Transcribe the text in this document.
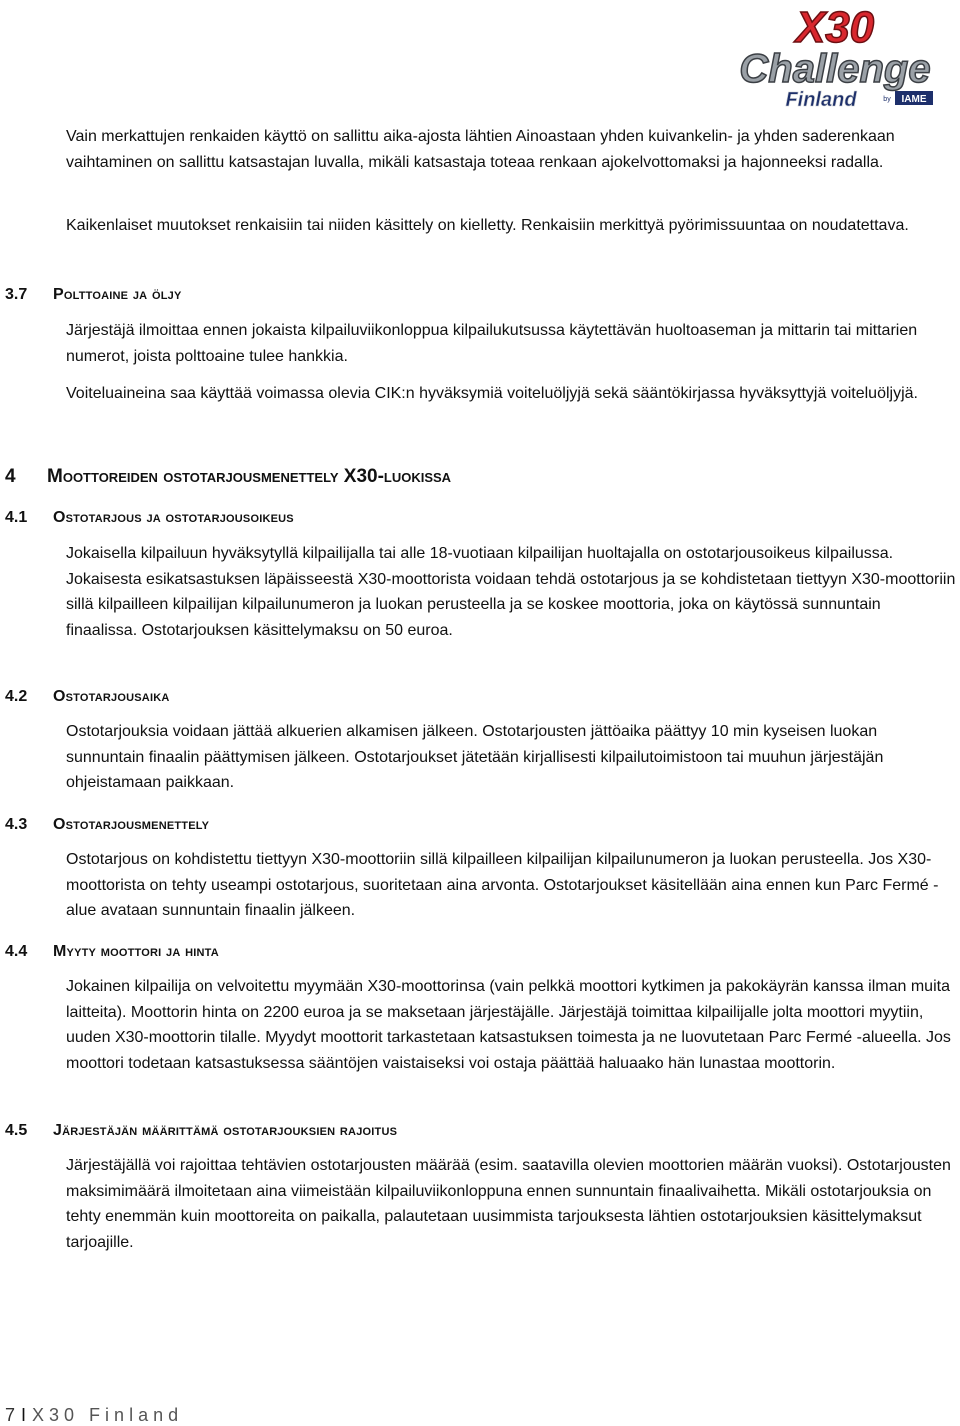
X30
Challenge
Finland	by IAME

Vain merkattujen renkaiden käyttö on sallittu aika-ajosta lähtien Ainoastaan yhden kuivankelin- ja yhden saderenkaan vaihtaminen on sallittu katsastajan luvalla, mikäli katsastaja toteaa renkaan ajokelvottomaksi ja hajonneeksi radalla.

Kaikenlaiset muutokset renkaisiin tai niiden käsittely on kielletty. Renkaisiin merkittyä pyörimissuuntaa on noudatettava.

3.7 Polttoaine ja öljy

Järjestäjä ilmoittaa ennen jokaista kilpailuviikonloppua kilpailukutsussa käytettävän huoltoaseman ja mittarin tai mittarien numerot, joista polttoaine tulee hankkia.

Voiteluaineina saa käyttää voimassa olevia CIK:n hyväksymiä voiteluöljyjä sekä sääntökirjassa hyväksyttyjä voiteluöljyjä.

4 Moottoreiden ostotarjousmenettely X30-luokissa
4.1 Ostotarjous ja ostotarjousoikeus

Jokaisella kilpailuun hyväksytyllä kilpailijalla tai alle 18-vuotiaan kilpailijan huoltajalla on ostotarjousoikeus kilpailussa. Jokaisesta esikatsastuksen läpäisseestä X30-moottorista voidaan tehdä ostotarjous ja se kohdistetaan tiettyyn X30-moottoriin sillä kilpailleen kilpailijan kilpailunumeron ja luokan perusteella ja se koskee moottoria, joka on käytössä sunnuntain finaalissa. Ostotarjouksen käsittelymaksu on 50 euroa.

4.2 Ostotarjousaika

Ostotarjouksia voidaan jättää alkuerien alkamisen jälkeen. Ostotarjousten jättöaika päättyy 10 min kyseisen luokan sunnuntain finaalin päättymisen jälkeen. Ostotarjoukset jätetään kirjallisesti kilpailutoimistoon tai muuhun järjestäjän ohjeistamaan paikkaan.

4.3 Ostotarjousmenettely

Ostotarjous on kohdistettu tiettyyn X30-moottoriin sillä kilpailleen kilpailijan kilpailunumeron ja luokan perusteella. Jos X30-moottorista on tehty useampi ostotarjous, suoritetaan aina arvonta. Ostotarjoukset käsitellään aina ennen kun Parc Fermé -alue avataan sunnuntain finaalin jälkeen.

4.4 Myyty moottori ja hinta

Jokainen kilpailija on velvoitettu myymään X30-moottorinsa (vain pelkkä moottori kytkimen ja pakokäyrän kanssa ilman muita laitteita). Moottorin hinta on 2200 euroa ja se maksetaan järjestäjälle. Järjestäjä toimittaa kilpailijalle jolta moottori myytiin, uuden X30-moottorin tilalle. Myydyt moottorit tarkastetaan katsastuksen toimesta ja ne luovutetaan Parc Fermé -alueella. Jos moottori todetaan katsastuksessa sääntöjen vaistaiseksi voi ostaja päättää haluaako hän lunastaa moottorin.

4.5 Järjestäjän määrittämä ostotarjouksien rajoitus

Järjestäjällä voi rajoittaa tehtävien ostotarjousten määrää (esim. saatavilla olevien moottorien määrän vuoksi). Ostotarjousten maksimimäärä ilmoitetaan aina viimeistään kilpailuviikonloppuna ennen sunnuntain finaalivaihetta. Mikäli ostotarjouksia on tehty enemmän kuin moottoreita on paikalla, palautetaan uusimmista tarjouksesta lähtien ostotarjouksien käsittelymaksut tarjoajille.

7 I X30 Finland
